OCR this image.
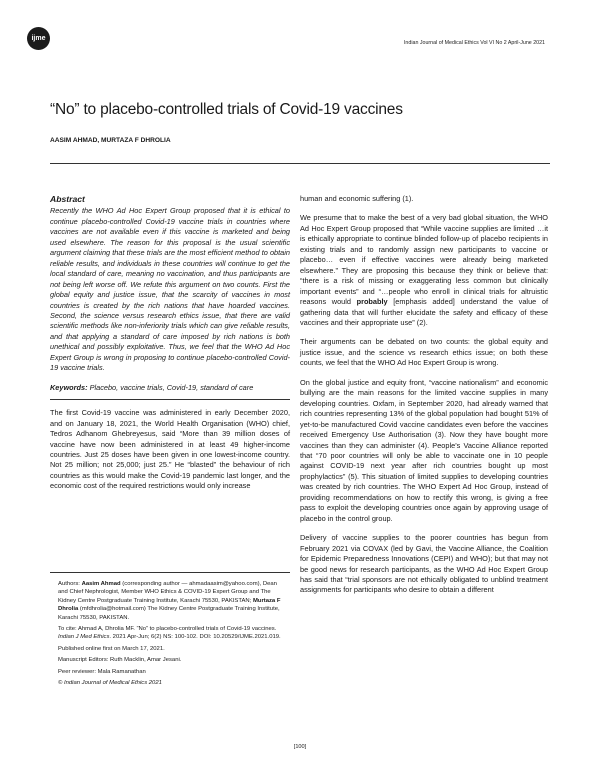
ijme
Indian Journal of Medical Ethics Vol VI No 2 April-June 2021
“No” to placebo-controlled trials of Covid-19 vaccines
AASIM AHMAD, MURTAZA F DHROLIA
Abstract

Recently the WHO Ad Hoc Expert Group proposed that it is ethical to continue placebo-controlled Covid-19 vaccine trials in countries where vaccines are not available even if this vaccine is marketed and being used elsewhere. The reason for this proposal is the usual scientific argument claiming that these trials are the most efficient method to obtain reliable results, and individuals in these countries will continue to get the local standard of care, meaning no vaccination, and thus participants are not being left worse off. We refute this argument on two counts. First the global equity and justice issue, that the scarcity of vaccines in most countries is created by the rich nations that have hoarded vaccines. Second, the science versus research ethics issue, that there are valid scientific methods like non-inferiority trials which can give reliable results, and that applying a standard of care imposed by rich nations is both unethical and possibly exploitative. Thus, we feel that the WHO Ad Hoc Expert Group is wrong in proposing to continue placebo-controlled Covid-19 vaccine trials.

Keywords: Placebo, vaccine trials, Covid-19, standard of care

The first Covid-19 vaccine was administered in early December 2020, and on January 18, 2021, the World Health Organisation (WHO) chief, Tedros Adhanom Ghebreyesus, said “More than 39 million doses of vaccine have now been administered in at least 49 higher-income countries. Just 25 doses have been given in one lowest-income country. Not 25 million; not 25,000; just 25.” He “blasted” the behaviour of rich countries as this would make the Covid-19 pandemic last longer, and the economic cost of the required restrictions would only increase

human and economic suffering (1).

We presume that to make the best of a very bad global situation, the WHO Ad Hoc Expert Group proposed that “While vaccine supplies are limited …it is ethically appropriate to continue blinded follow-up of placebo recipients in existing trials and to randomly assign new participants to vaccine or placebo… even if effective vaccines were already being marketed elsewhere.” They are proposing this because they think or believe that: “there is a risk of missing or exaggerating less common but clinically important events” and “…people who enroll in clinical trials for altruistic reasons would probably [emphasis added] understand the value of gathering data that will further elucidate the safety and efficacy of these vaccines and their appropriate use” (2).

Their arguments can be debated on two counts: the global equity and justice issue, and the science vs research ethics issue; on both these counts, we feel that the WHO Ad Hoc Expert Group is wrong.

On the global justice and equity front, “vaccine nationalism” and economic bullying are the main reasons for the limited vaccine supplies in many developing countries. Oxfam, in September 2020, had already warned that rich countries representing 13% of the global population had bought 51% of yet-to-be manufactured Covid vaccine candidates even before the vaccines received Emergency Use Authorisation (3). Now they have bought more vaccines than they can administer (4). People’s Vaccine Alliance reported that “70 poor countries will only be able to vaccinate one in 10 people against COVID-19 next year after rich countries bought up most prophylactics” (5). This situation of limited supplies to developing countries was created by rich countries. The WHO Expert Ad Hoc Group, instead of providing recommendations on how to rectify this wrong, is giving a free pass to exploit the developing countries once again by approving usage of placebo in the control group.

Delivery of vaccine supplies to the poorer countries has begun from February 2021 via COVAX (led by Gavi, the Vaccine Alliance, the Coalition for Epidemic Preparedness Innovations (CEPI) and WHO); but that may not be good news for research participants, as the WHO Ad Hoc Expert Group has said that “trial sponsors are not ethically obligated to unblind treatment assignments for participants who desire to obtain a different

Authors: Aasim Ahmad (corresponding author — ahmadaasim@yahoo.com), Dean and Chief Nephrologist, Member WHO Ethics & COVID-19 Expert Group and The Kidney Centre Postgraduate Training Institute, Karachi 75530, PAKISTAN; Murtaza F Dhrolia (mfdhrolia@hotmail.com) The Kidney Centre Postgraduate Training Institute, Karachi 75530, PAKISTAN.

To cite: Ahmad A, Dhrolia MF. “No” to placebo-controlled trials of Covid-19 vaccines. Indian J Med Ethics. 2021 Apr-Jun; 6(2) NS: 100-102. DOI: 10.20529/IJME.2021.019.

Published online first on March 17, 2021.

Manuscript Editors: Ruth Macklin, Amar Jesani.

Peer reviewer: Mala Ramanathan

© Indian Journal of Medical Ethics 2021

[100]
